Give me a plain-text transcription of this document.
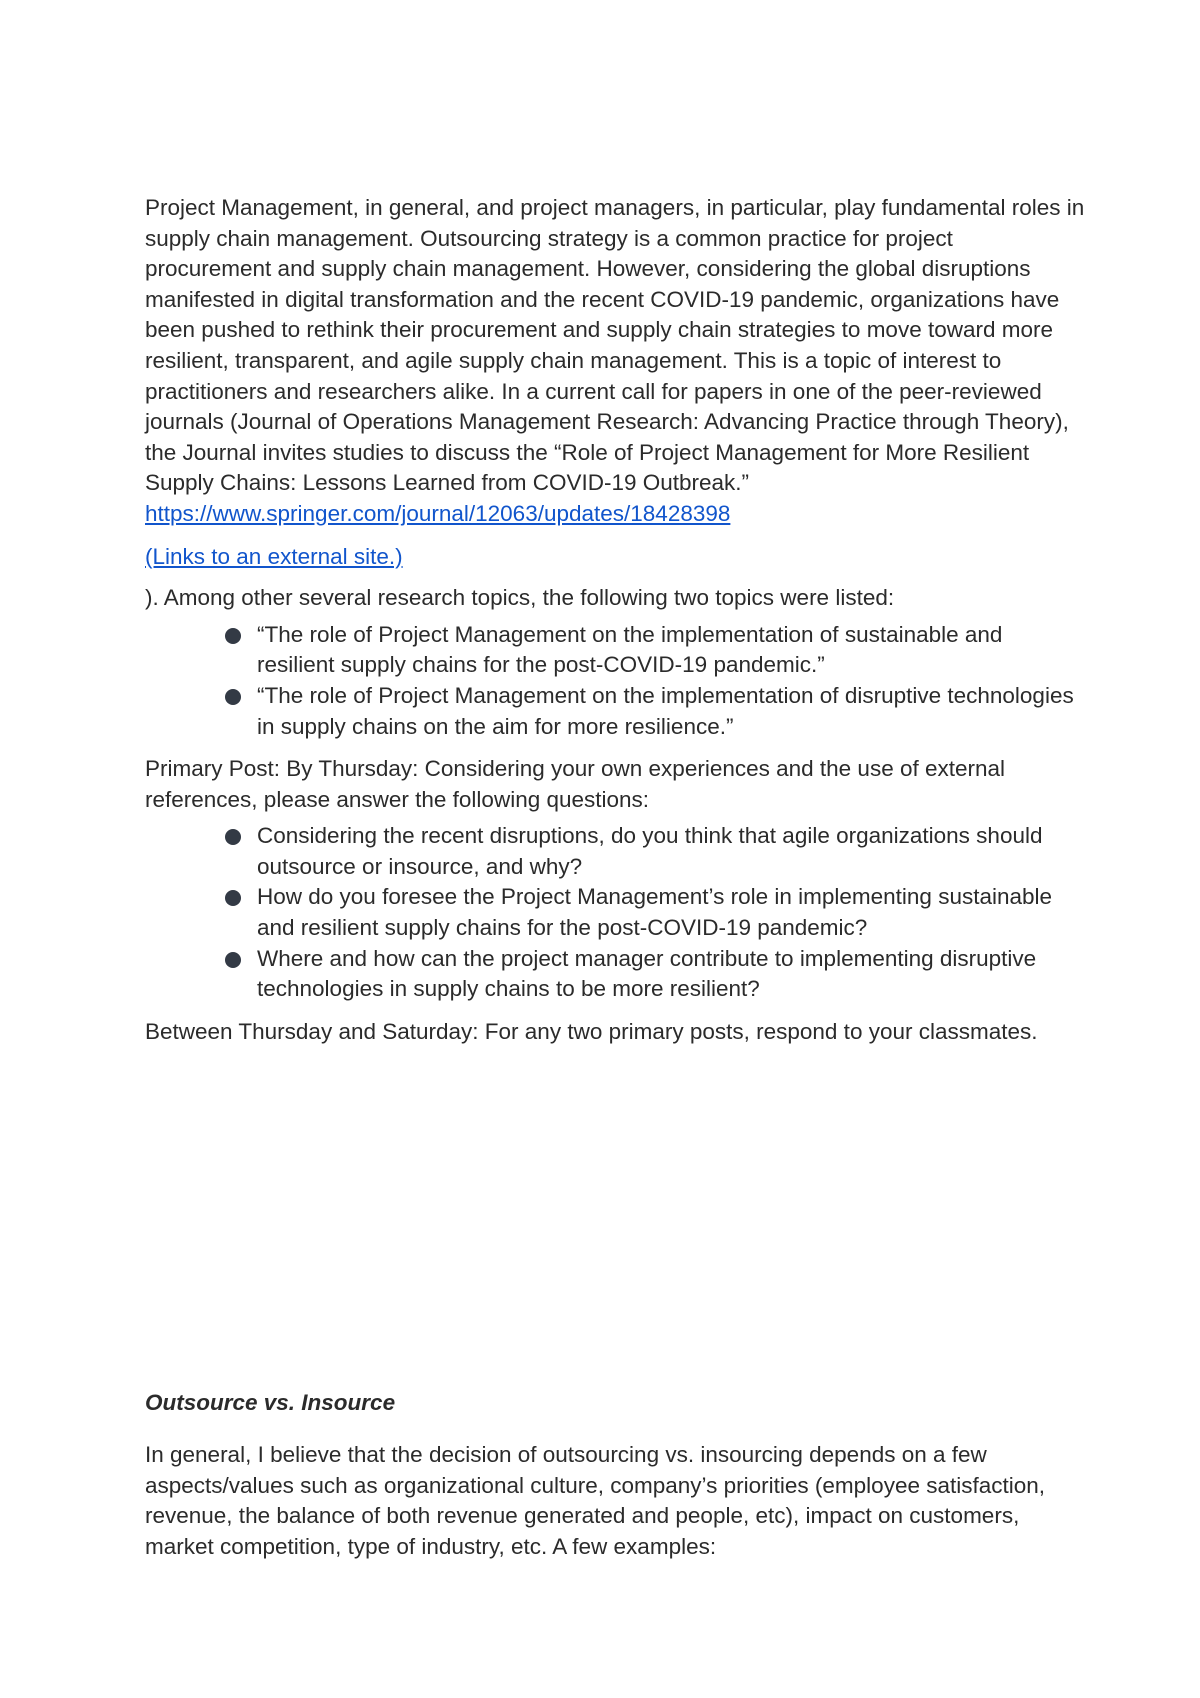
Project Management, in general, and project managers, in particular, play fundamental roles in supply chain management. Outsourcing strategy is a common practice for project procurement and supply chain management. However, considering the global disruptions manifested in digital transformation and the recent COVID-19 pandemic, organizations have been pushed to rethink their procurement and supply chain strategies to move toward more resilient, transparent, and agile supply chain management. This is a topic of interest to practitioners and researchers alike. In a current call for papers in one of the peer-reviewed journals (Journal of Operations Management Research: Advancing Practice through Theory), the Journal invites studies to discuss the “Role of Project Management for More Resilient Supply Chains: Lessons Learned from COVID-19 Outbreak.” https://www.springer.com/journal/12063/updates/18428398

(Links to an external site.)

). Among other several research topics, the following two topics were listed:

“The role of Project Management on the implementation of sustainable and resilient supply chains for the post-COVID-19 pandemic.”
“The role of Project Management on the implementation of disruptive technologies in supply chains on the aim for more resilience.”

Primary Post: By Thursday: Considering your own experiences and the use of external references, please answer the following questions:

Considering the recent disruptions, do you think that agile organizations should outsource or insource, and why?
How do you foresee the Project Management’s role in implementing sustainable and resilient supply chains for the post-COVID-19 pandemic?
Where and how can the project manager contribute to implementing disruptive technologies in supply chains to be more resilient?

Between Thursday and Saturday: For any two primary posts, respond to your classmates.

Outsource vs. Insource

In general, I believe that the decision of outsourcing vs. insourcing depends on a few aspects/values such as organizational culture, company’s priorities (employee satisfaction, revenue, the balance of both revenue generated and people, etc), impact on customers, market competition, type of industry, etc. A few examples:
